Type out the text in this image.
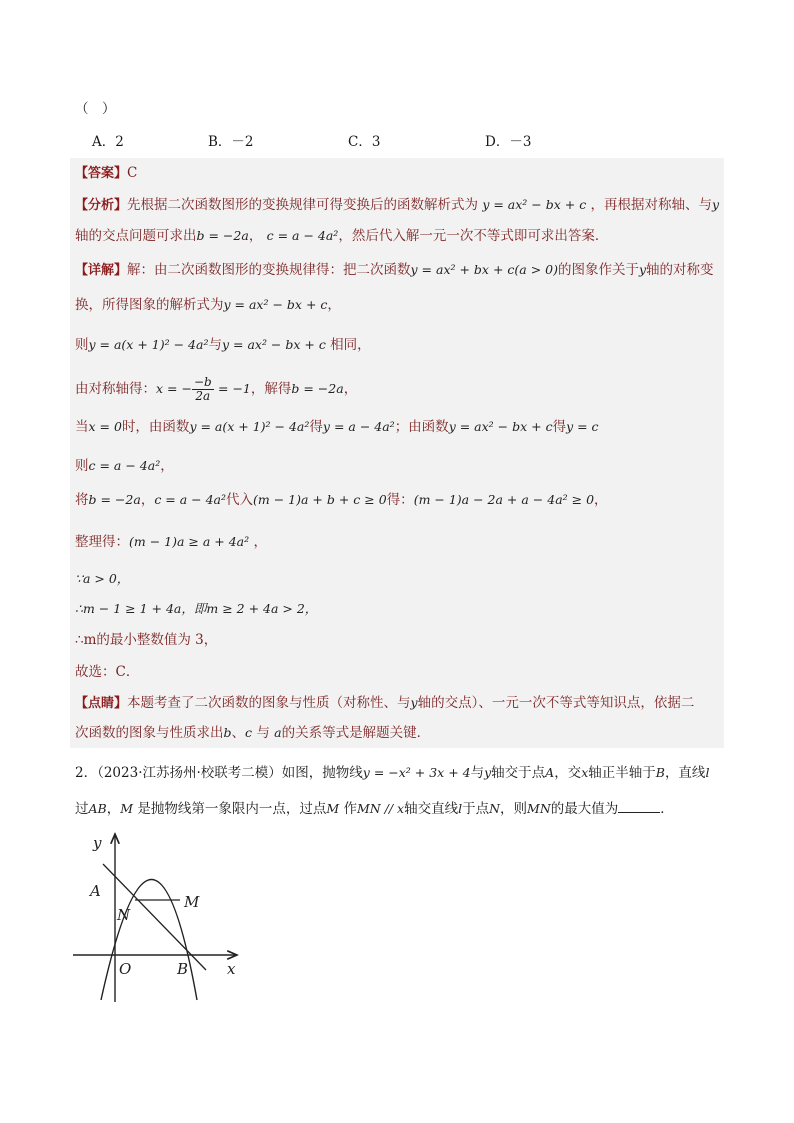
（　）
A．2	B．－2	C．3	D．－3
【答案】C
【分析】先根据二次函数图形的变换规律可得变换后的函数解析式为 y = ax² − bx + c ，再根据对称轴、与y
轴的交点问题可求出b = −2a， c = a − 4a²，然后代入解一元一次不等式即可求出答案．
【详解】解：由二次函数图形的变换规律得：把二次函数y = ax² + bx + c(a > 0)的图象作关于y轴的对称变
换，所得图象的解析式为y = ax² − bx + c，
则y = a(x + 1)² − 4a²与y = ax² − bx + c 相同，
由对称轴得：x = − $\frac{-b}{2a} = -1$，解得b = −2a，
当x = 0时，由函数y = a(x + 1)² − 4a²得y = a − 4a²；由函数y = ax² − bx + c得y = c
则c = a − 4a²，
将b = −2a，c = a − 4a²代入(m − 1)a + b + c ≥ 0得：(m − 1)a − 2a + a − 4a² ≥ 0，
整理得：(m − 1)a ≥ a + 4a² ，
∵a > 0，
∴m − 1 ≥ 1 + 4a，即m ≥ 2 + 4a > 2，
∴m的最小整数值为 3，
故选：C．
【点睛】本题考查了二次函数的图象与性质（对称性、与y轴的交点）、一元一次不等式等知识点，依据二
次函数的图象与性质求出b、c 与 a的关系等式是解题关键．
2．（2023·江苏扬州·校联考二模）如图，抛物线y = −x² + 3x + 4与y轴交于点A，交x轴正半轴于B，直线l
过AB，M 是抛物线第一象限内一点，过点M 作MN // x轴交直线l于点N，则MN的最大值为	．
y
x
A
N
M
O	B
